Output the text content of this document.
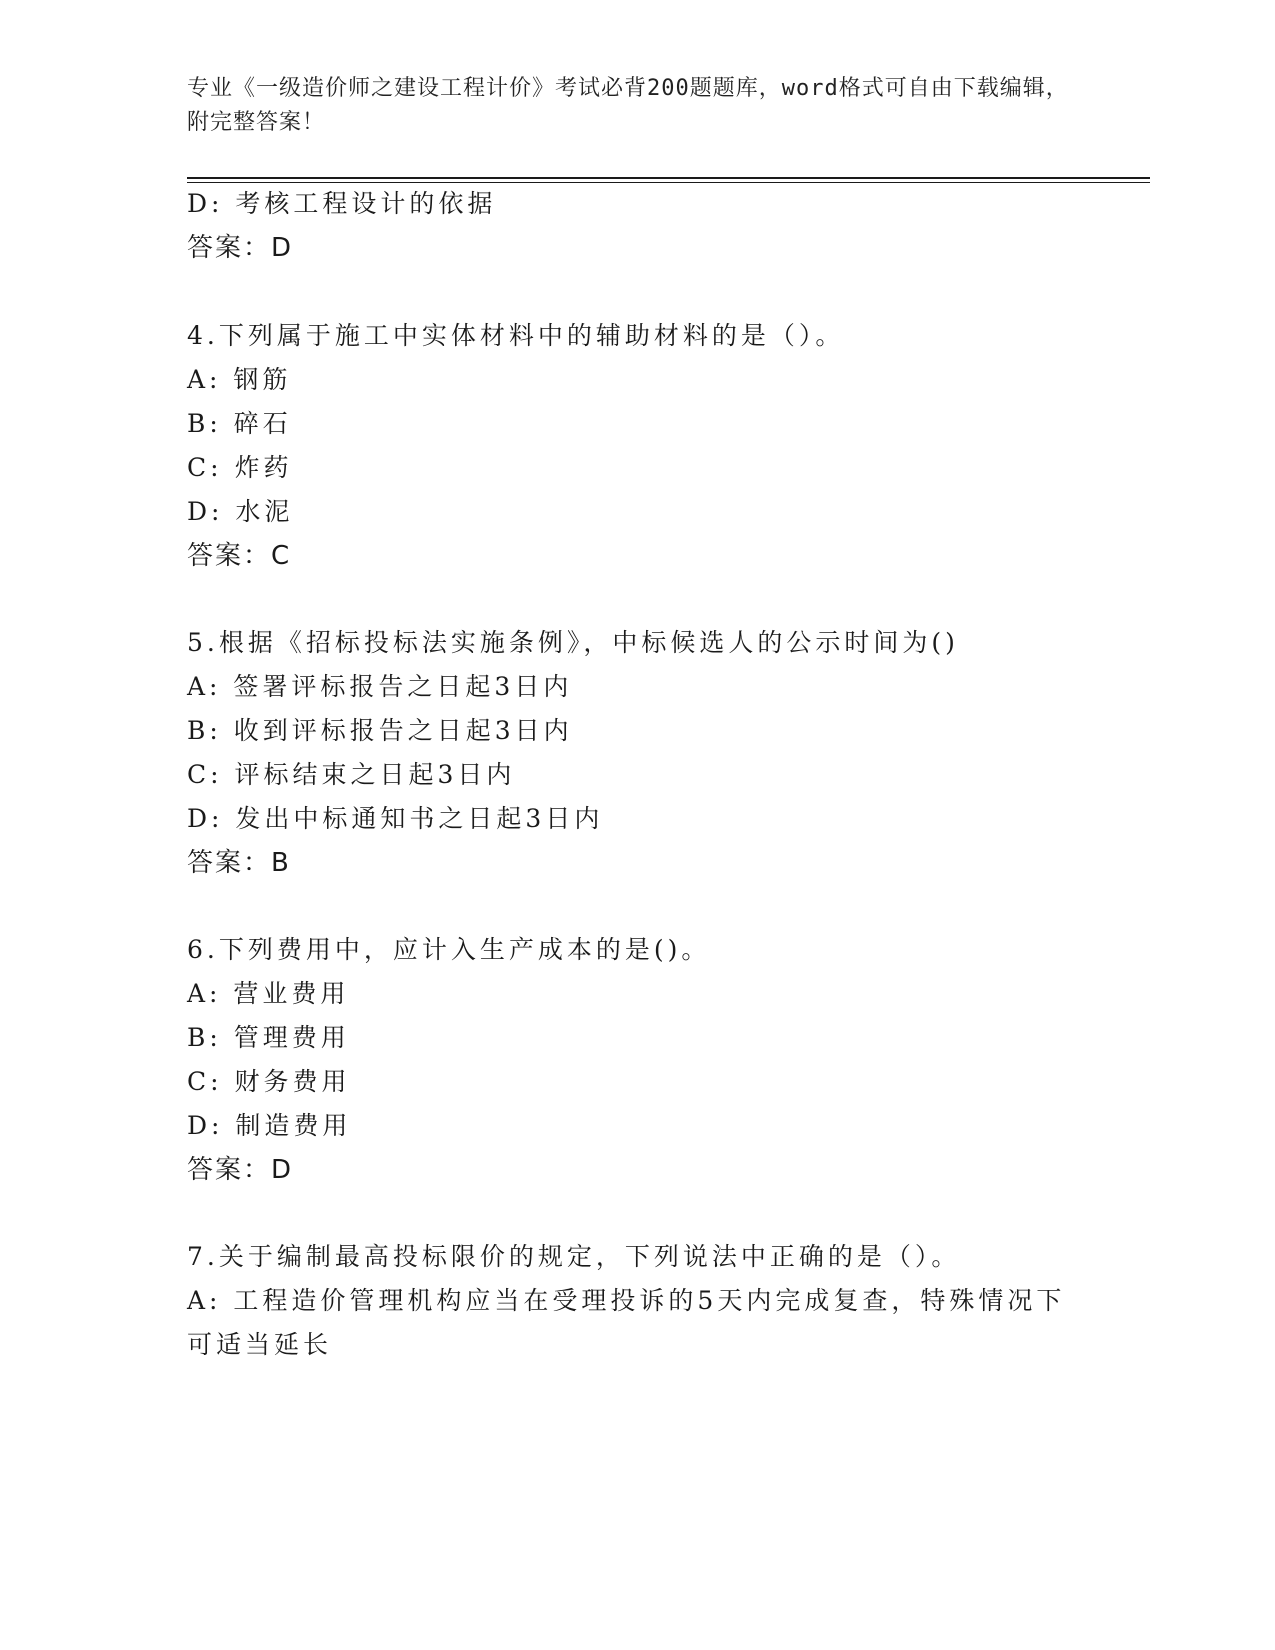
专业《一级造价师之建设工程计价》考试必背200题题库，word格式可自由下载编辑，附完整答案！
D: 考核工程设计的依据
答案：D
4.下列属于施工中实体材料中的辅助材料的是（）。
A: 钢筋
B: 碎石
C: 炸药
D: 水泥
答案：C
5.根据《招标投标法实施条例》，中标候选人的公示时间为()
A: 签署评标报告之日起3日内
B: 收到评标报告之日起3日内
C: 评标结束之日起3日内
D: 发出中标通知书之日起3日内
答案：B
6.下列费用中，应计入生产成本的是()。
A: 营业费用
B: 管理费用
C: 财务费用
D: 制造费用
答案：D
7.关于编制最高投标限价的规定，下列说法中正确的是（）。
A: 工程造价管理机构应当在受理投诉的5天内完成复查，特殊情况下可适当延长
